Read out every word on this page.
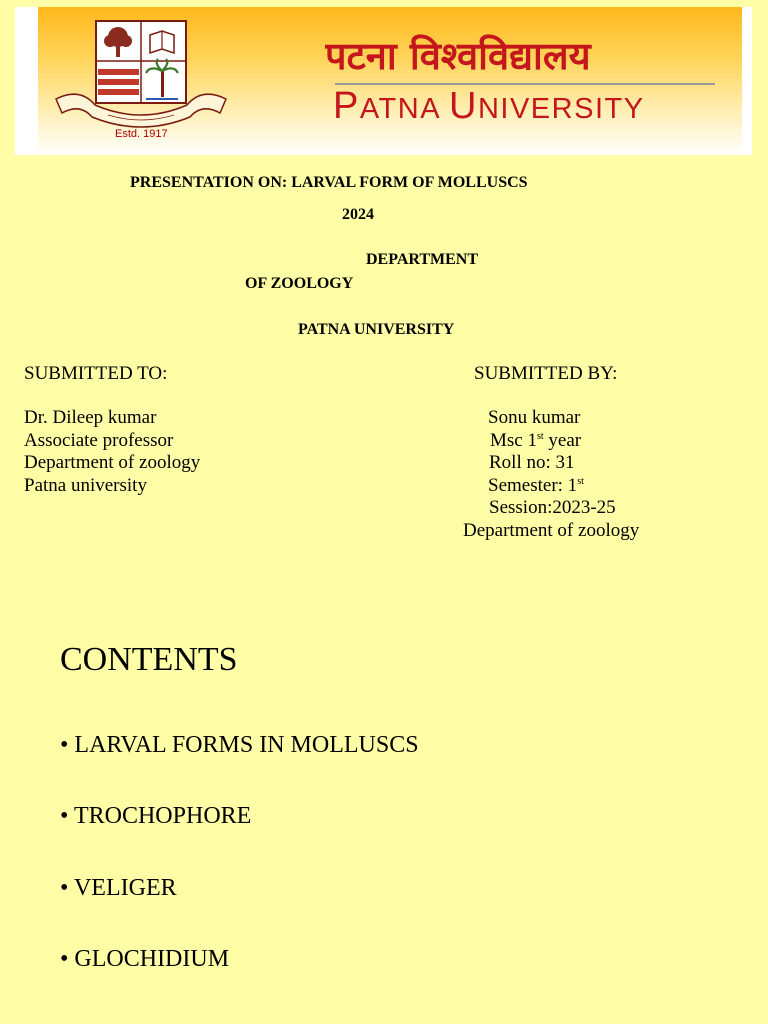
पटना विश्वविद्यालय
PATNA UNIVERSITY
Estd. 1917
PRESENTATION ON: LARVAL FORM OF MOLLUSCS
2024
DEPARTMENT
OF ZOOLOGY
PATNA UNIVERSITY
SUBMITTED TO:
Dr. Dileep kumar
Associate professor
Department of zoology
Patna university
SUBMITTED BY:
Sonu kumar
Msc 1st year
Roll no: 31
Semester: 1st
Session:2023-25
Department of zoology
CONTENTS
• LARVAL FORMS IN MOLLUSCS
• TROCHOPHORE
• VELIGER
• GLOCHIDIUM
